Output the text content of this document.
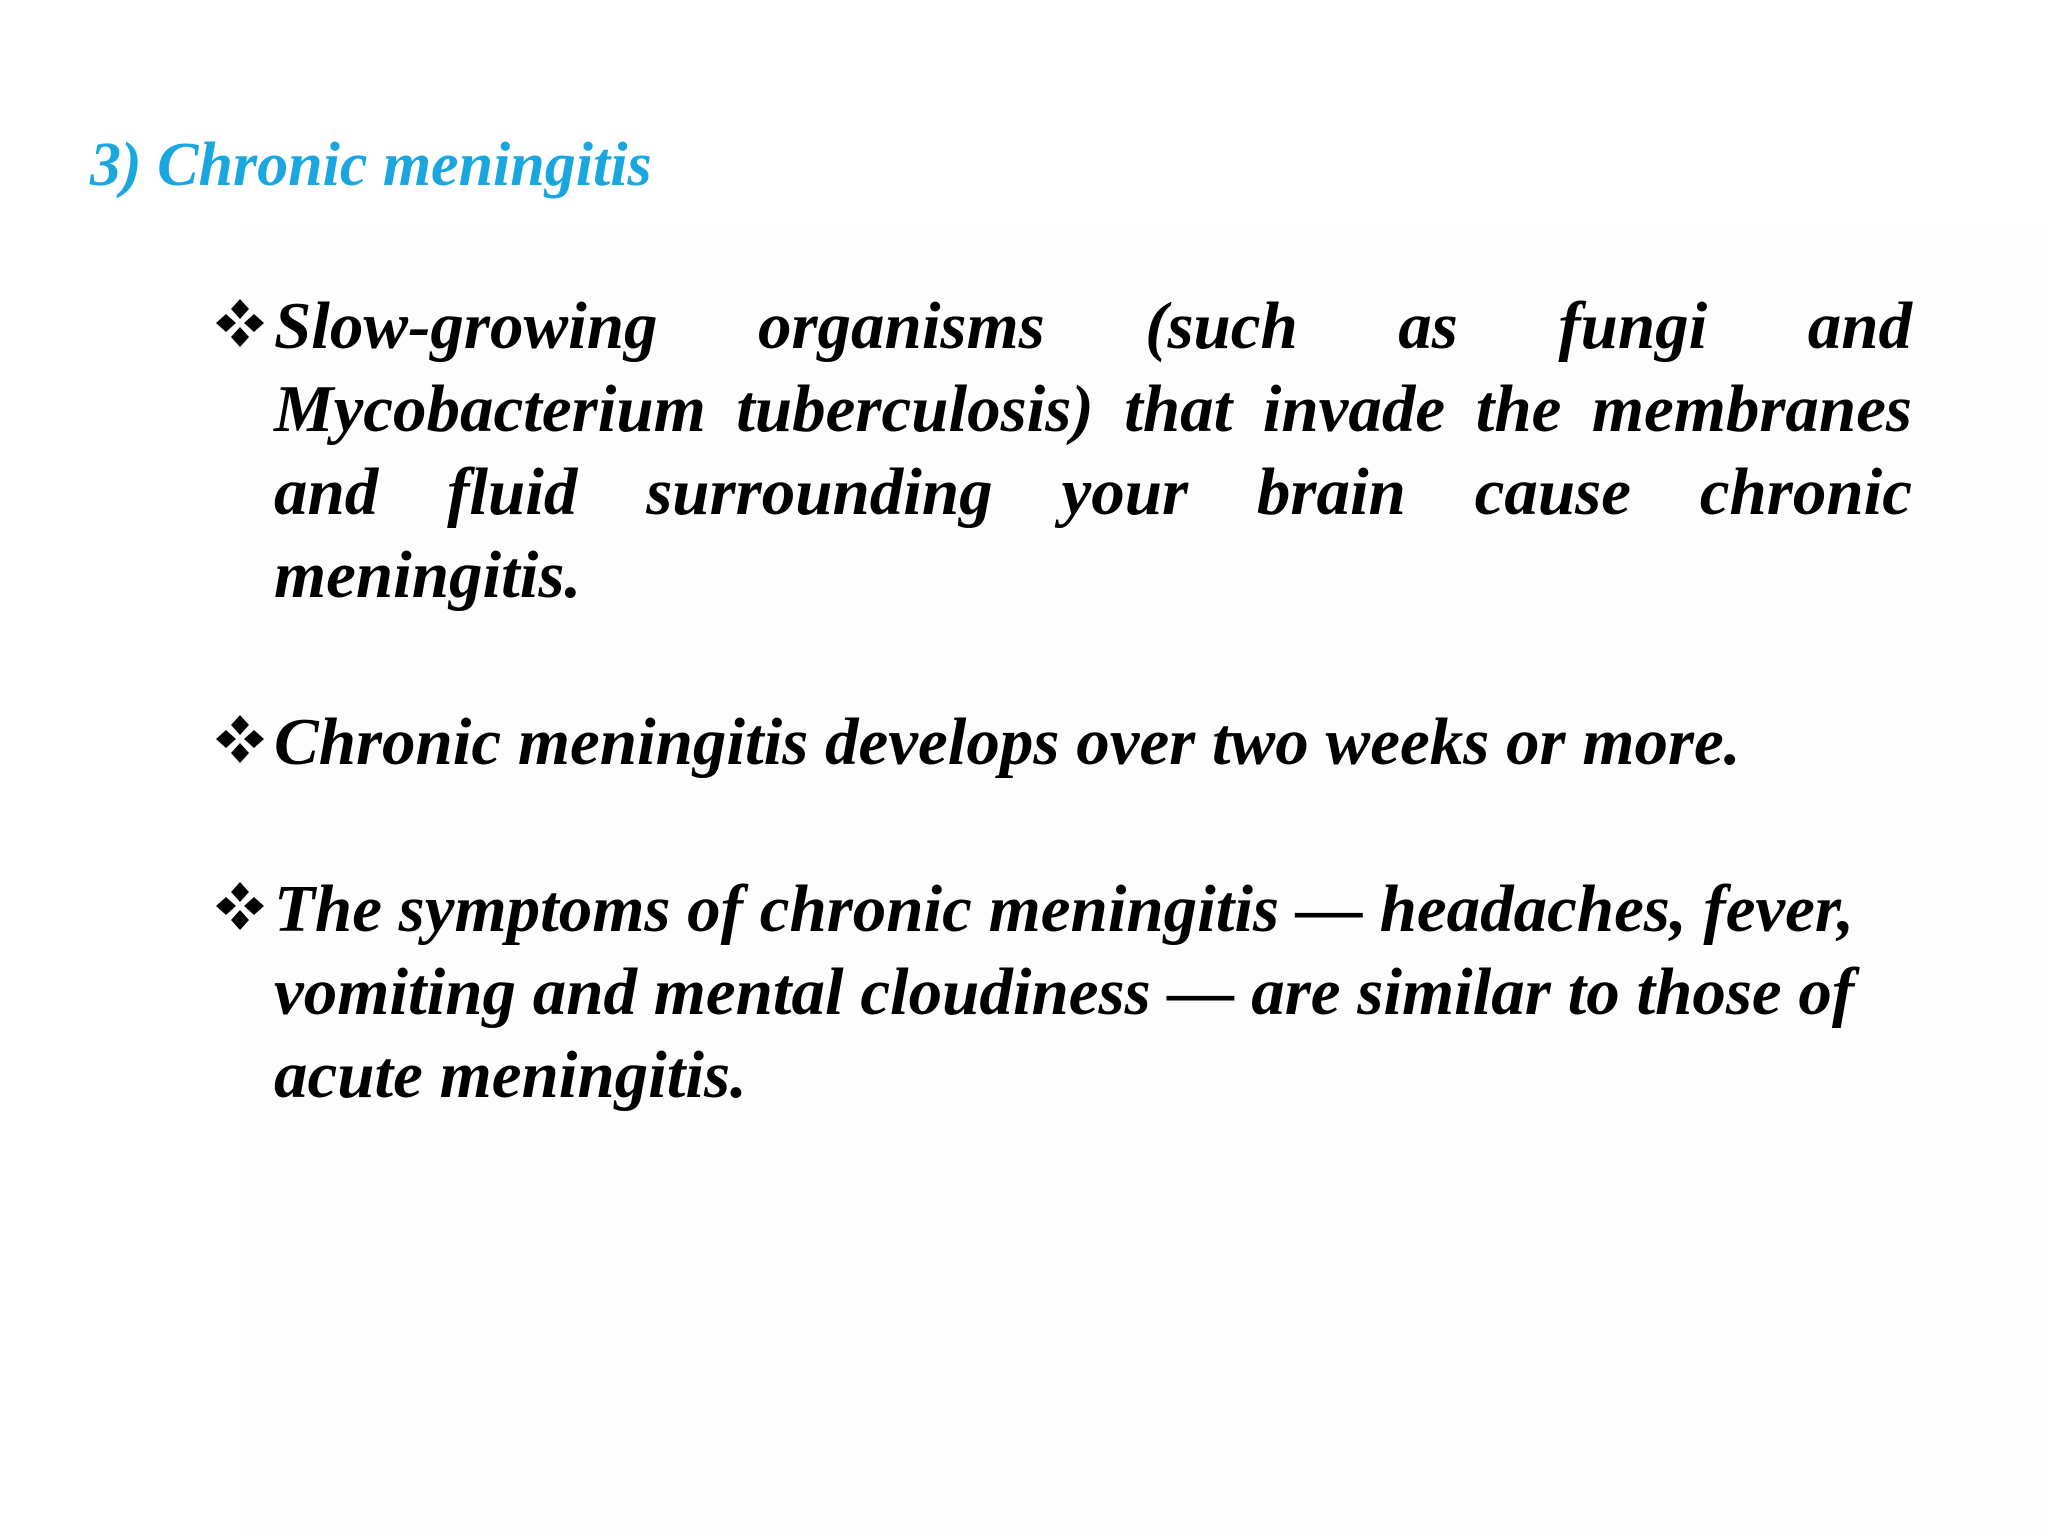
3) Chronic meningitis
Slow-growing organisms (such as fungi and Mycobacterium tuberculosis) that invade the membranes and fluid surrounding your brain cause chronic meningitis.
Chronic meningitis develops over two weeks or more.
The symptoms of chronic meningitis — headaches, fever, vomiting and mental cloudiness — are similar to those of acute meningitis.
